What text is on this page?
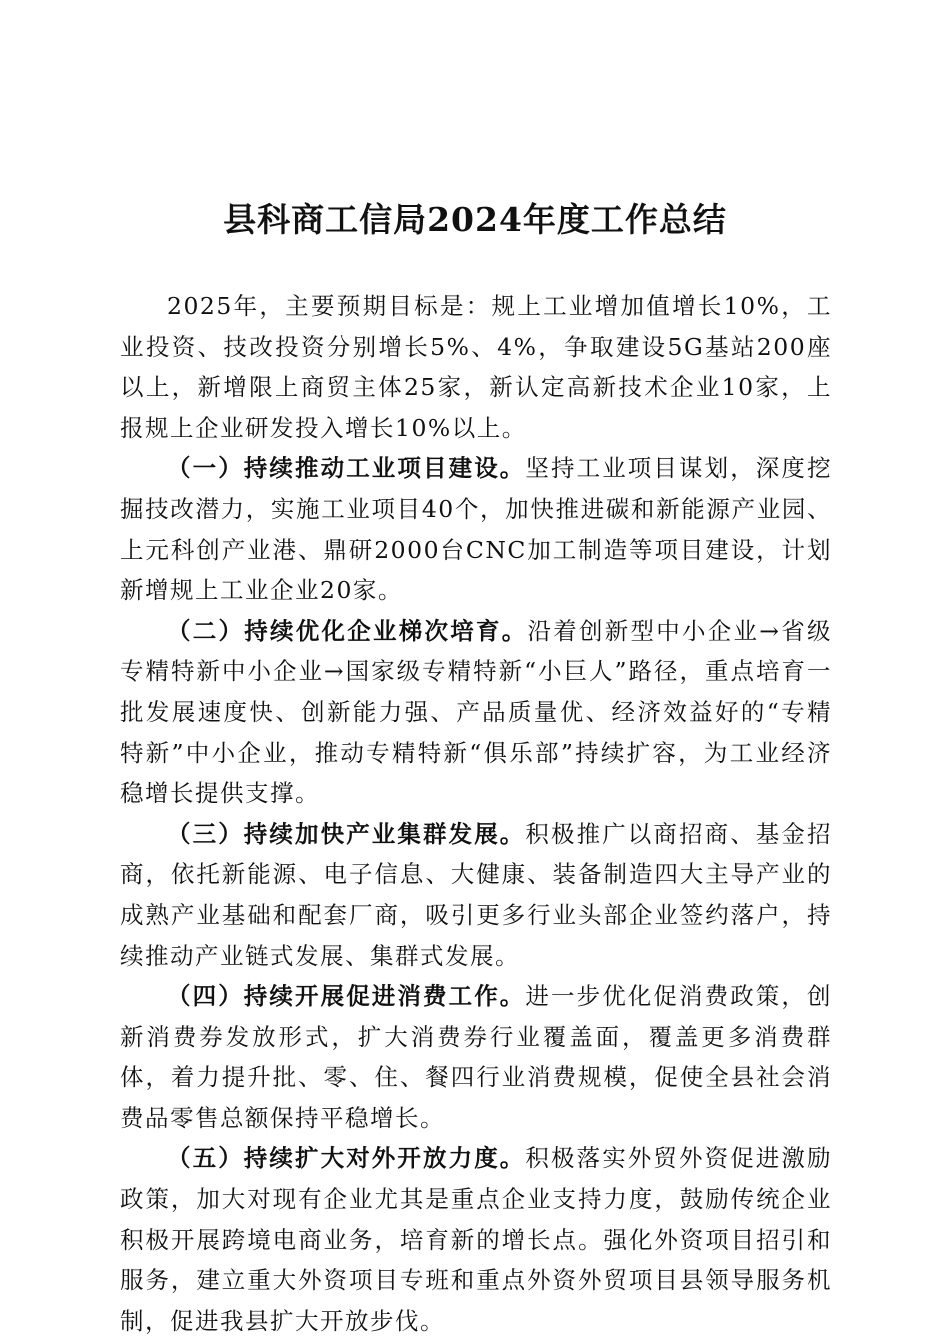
县科商工信局2024年度工作总结

2025年，主要预期目标是：规上工业增加值增长10%，工业投资、技改投资分别增长5%、4%，争取建设5G基站200座以上，新增限上商贸主体25家，新认定高新技术企业10家，上报规上企业研发投入增长10%以上。

（一）持续推动工业项目建设。坚持工业项目谋划，深度挖掘技改潜力，实施工业项目40个，加快推进碳和新能源产业园、上元科创产业港、鼎研2000台CNC加工制造等项目建设，计划新增规上工业企业20家。

（二）持续优化企业梯次培育。沿着创新型中小企业→省级专精特新中小企业→国家级专精特新“小巨人”路径，重点培育一批发展速度快、创新能力强、产品质量优、经济效益好的“专精特新”中小企业，推动专精特新“俱乐部”持续扩容，为工业经济稳增长提供支撑。

（三）持续加快产业集群发展。积极推广以商招商、基金招商，依托新能源、电子信息、大健康、装备制造四大主导产业的成熟产业基础和配套厂商，吸引更多行业头部企业签约落户，持续推动产业链式发展、集群式发展。

（四）持续开展促进消费工作。进一步优化促消费政策，创新消费券发放形式，扩大消费券行业覆盖面，覆盖更多消费群体，着力提升批、零、住、餐四行业消费规模，促使全县社会消费品零售总额保持平稳增长。

（五）持续扩大对外开放力度。积极落实外贸外资促进激励政策，加大对现有企业尤其是重点企业支持力度，鼓励传统企业积极开展跨境电商业务，培育新的增长点。强化外资项目招引和服务，建立重大外资项目专班和重点外资外贸项目县领导服务机制，促进我县扩大开放步伐。
